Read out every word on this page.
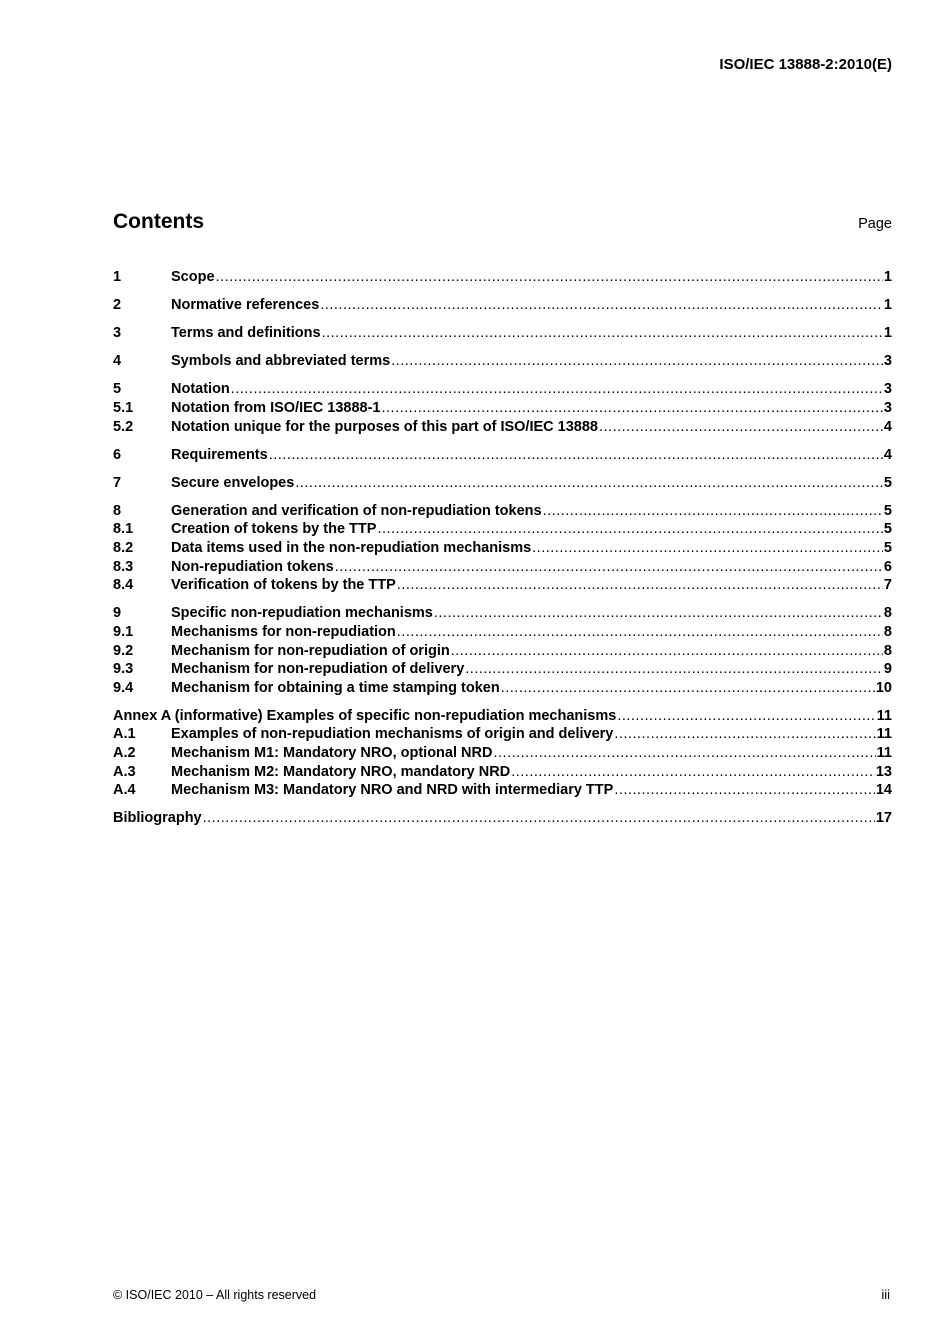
ISO/IEC 13888-2:2010(E)
Contents	Page
1	Scope .....	1
2	Normative references .....	1
3	Terms and definitions .....	1
4	Symbols and abbreviated terms .....	3
5	Notation .....	3
5.1	Notation from ISO/IEC 13888-1 .....	3
5.2	Notation unique for the purposes of this part of ISO/IEC 13888 .....	4
6	Requirements .....	4
7	Secure envelopes .....	5
8	Generation and verification of non-repudiation tokens .....	5
8.1	Creation of tokens by the TTP .....	5
8.2	Data items used in the non-repudiation mechanisms .....	5
8.3	Non-repudiation tokens .....	6
8.4	Verification of tokens by the TTP .....	7
9	Specific non-repudiation mechanisms .....	8
9.1	Mechanisms for non-repudiation .....	8
9.2	Mechanism for non-repudiation of origin .....	8
9.3	Mechanism for non-repudiation of delivery .....	9
9.4	Mechanism for obtaining a time stamping token .....	10
Annex A (informative) Examples of specific non-repudiation mechanisms .....	11
A.1	Examples of non-repudiation mechanisms of origin and delivery .....	11
A.2	Mechanism M1: Mandatory NRO, optional NRD .....	11
A.3	Mechanism M2: Mandatory NRO, mandatory NRD .....	13
A.4	Mechanism M3: Mandatory NRO and NRD with intermediary TTP .....	14
Bibliography .....	17
© ISO/IEC 2010 – All rights reserved	iii
